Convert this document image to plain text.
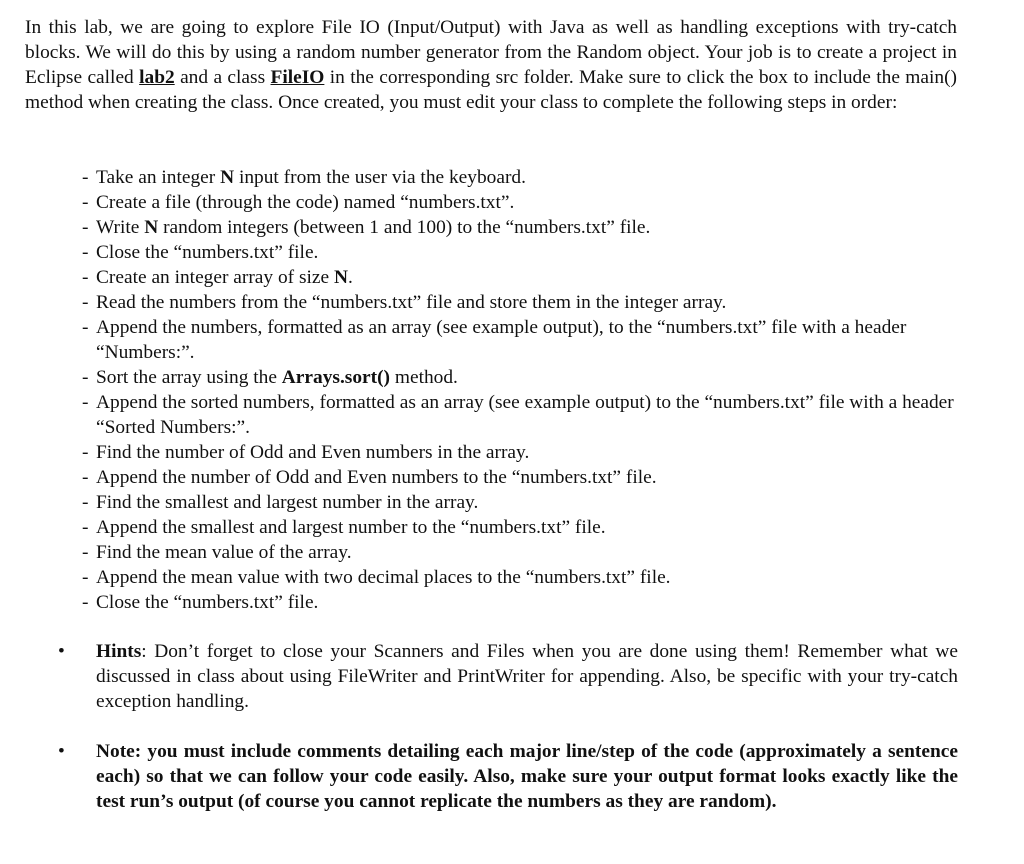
In this lab, we are going to explore File IO (Input/Output) with Java as well as handling exceptions with try-catch blocks. We will do this by using a random number generator from the Random object. Your job is to create a project in Eclipse called lab2 and a class FileIO in the corresponding src folder. Make sure to click the box to include the main() method when creating the class. Once created, you must edit your class to complete the following steps in order:

- Take an integer N input from the user via the keyboard.
- Create a file (through the code) named “numbers.txt”.
- Write N random integers (between 1 and 100) to the “numbers.txt” file.
- Close the “numbers.txt” file.
- Create an integer array of size N.
- Read the numbers from the “numbers.txt” file and store them in the integer array.
- Append the numbers, formatted as an array (see example output), to the “numbers.txt” file with a header “Numbers:”.
- Sort the array using the Arrays.sort() method.
- Append the sorted numbers, formatted as an array (see example output) to the “numbers.txt” file with a header “Sorted Numbers:”.
- Find the number of Odd and Even numbers in the array.
- Append the number of Odd and Even numbers to the “numbers.txt” file.
- Find the smallest and largest number in the array.
- Append the smallest and largest number to the “numbers.txt” file.
- Find the mean value of the array.
- Append the mean value with two decimal places to the “numbers.txt” file.
- Close the “numbers.txt” file.
• Hints: Don’t forget to close your Scanners and Files when you are done using them! Remember what we discussed in class about using FileWriter and PrintWriter for appending. Also, be specific with your try-catch exception handling.
• Note: you must include comments detailing each major line/step of the code (approximately a sentence each) so that we can follow your code easily. Also, make sure your output format looks exactly like the test run’s output (of course you cannot replicate the numbers as they are random).
